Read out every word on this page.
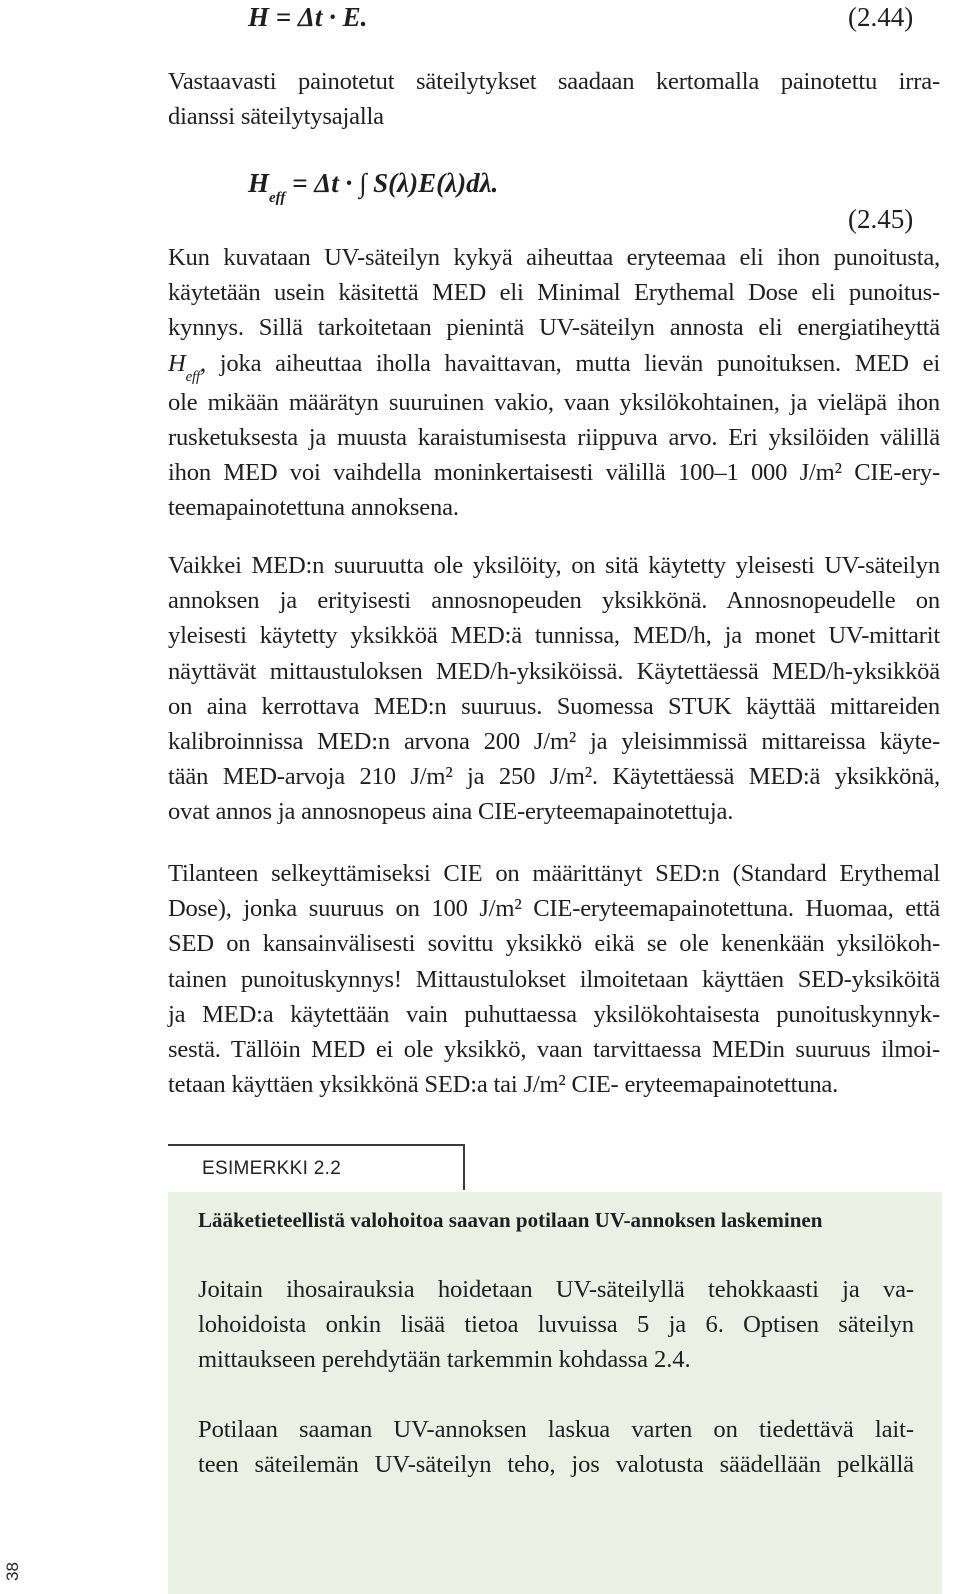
H = Δt · E.	(2.44)
Vastaavasti painotetut säteilytykset saadaan kertomalla painotettu irra-
dianssi säteilytysajalla
$H_{eff} = \Delta t$ · ∫ S(λ)E(λ)dλ.
(2.45)
Kun kuvataan UV-säteilyn kykyä aiheuttaa eryteemaa eli ihon punoitusta,
käytetään usein käsitettä MED eli Minimal Erythemal Dose eli punoitus-
kynnys. Sillä tarkoitetaan pienintä UV-säteilyn annosta eli energiatiheyttä
$H_{eff}$, joka aiheuttaa iholla havaittavan, mutta lievän punoituksen. MED ei
ole mikään määrätyn suuruinen vakio, vaan yksilökohtainen, ja vieläpä ihon
rusketuksesta ja muusta karaistumisesta riippuva arvo. Eri yksilöiden välillä
ihon MED voi vaihdella moninkertaisesti välillä 100–1 000 J/m² CIE-ery-
teemapainotettuna annoksena.
Vaikkei MED:n suuruutta ole yksilöity, on sitä käytetty yleisesti UV-säteilyn
annoksen ja erityisesti annosnopeuden yksikkönä. Annosnopeudelle on
yleisesti käytetty yksikköä MED:ä tunnissa, MED/h, ja monet UV-mittarit
näyttävät mittaustuloksen MED/h-yksiköissä. Käytettäessä MED/h-yksikköä
on aina kerrottava MED:n suuruus. Suomessa STUK käyttää mittareiden
kalibroinnissa MED:n arvona 200 J/m² ja yleisimmissä mittareissa käyte-
tään MED-arvoja 210 J/m² ja 250 J/m². Käytettäessä MED:ä yksikkönä,
ovat annos ja annosnopeus aina CIE-eryteemapainotettuja.
Tilanteen selkeyttämiseksi CIE on määrittänyt SED:n (Standard Erythemal
Dose), jonka suuruus on 100 J/m² CIE-eryteemapainotettuna. Huomaa, että
SED on kansainvälisesti sovittu yksikkö eikä se ole kenenkään yksilökoh-
tainen punoituskynnys! Mittaustulokset ilmoitetaan käyttäen SED-yksiköitä
ja MED:a käytettään vain puhuttaessa yksilökohtaisesta punoituskynnyk-
sestä. Tällöin MED ei ole yksikkö, vaan tarvittaessa MEDin suuruus ilmoi-
tetaan käyttäen yksikkönä SED:a tai J/m² CIE- eryteemapainotettuna.
ESIMERKKI 2.2
Lääketieteellistä valohoitoa saavan potilaan UV-annoksen laskeminen
Joitain ihosairauksia hoidetaan UV-säteilyllä tehokkaasti ja va-
lohoidoista onkin lisää tietoa luvuissa 5 ja 6. Optisen säteilyn
mittaukseen perehdytään tarkemmin kohdassa 2.4.
Potilaan saaman UV-annoksen laskua varten on tiedettävä lait-
teen säteilemän UV-säteilyn teho, jos valotusta säädellään pelkällä
38
